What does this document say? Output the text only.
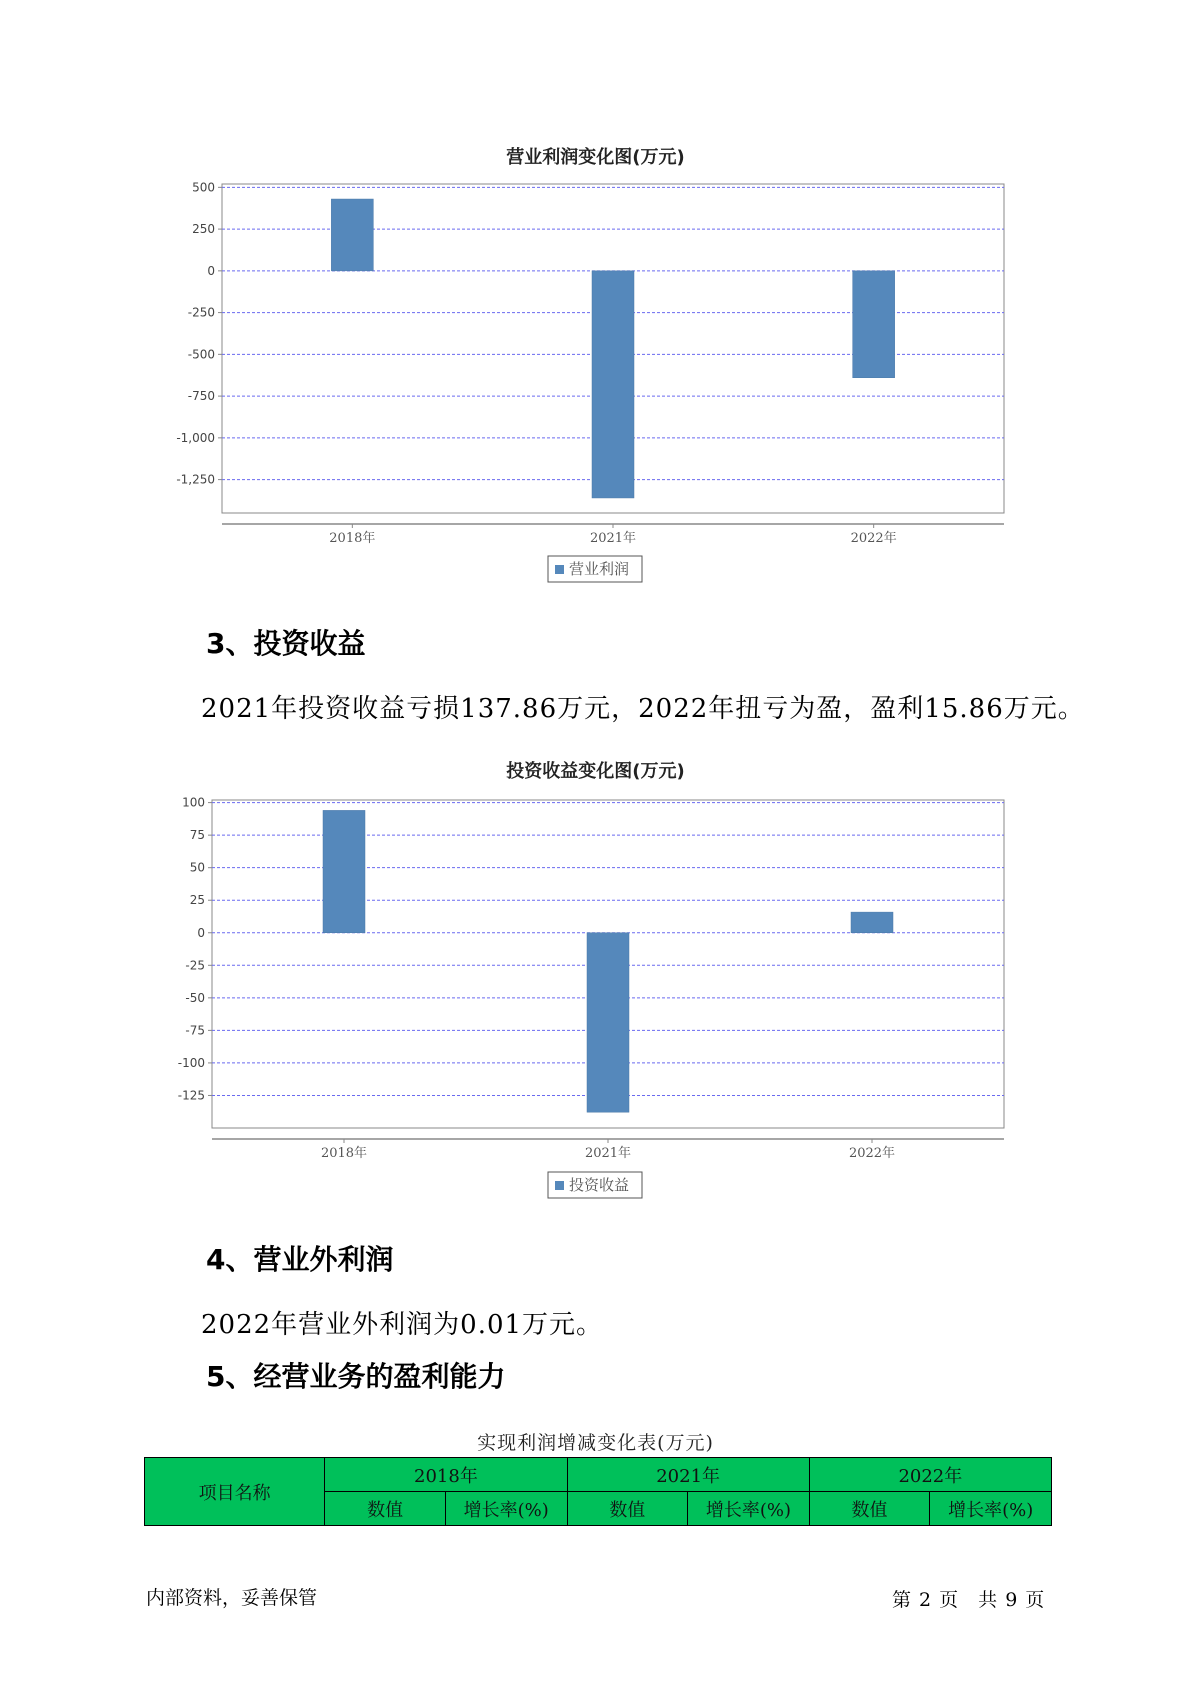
营业利润变化图(万元)
500
250
0
-250
-500
-750
-1,000
-1,250
2018年	2021年	2022年
营业利润
3、投资收益
2021年投资收益亏损137.86万元，2022年扭亏为盈，盈利15.86万元。
投资收益变化图(万元)
100
75
50
25
0
-25
-50
-75
-100
-125
2018年	2021年	2022年
投资收益
4、营业外利润
2022年营业外利润为0.01万元。
5、经营业务的盈利能力
实现利润增减变化表(万元)
项目名称	2018年		2021年		2022年	
	数值	增长率(%)	数值	增长率(%)	数值	增长率(%)
内部资料，妥善保管	第 2 页 共 9 页
